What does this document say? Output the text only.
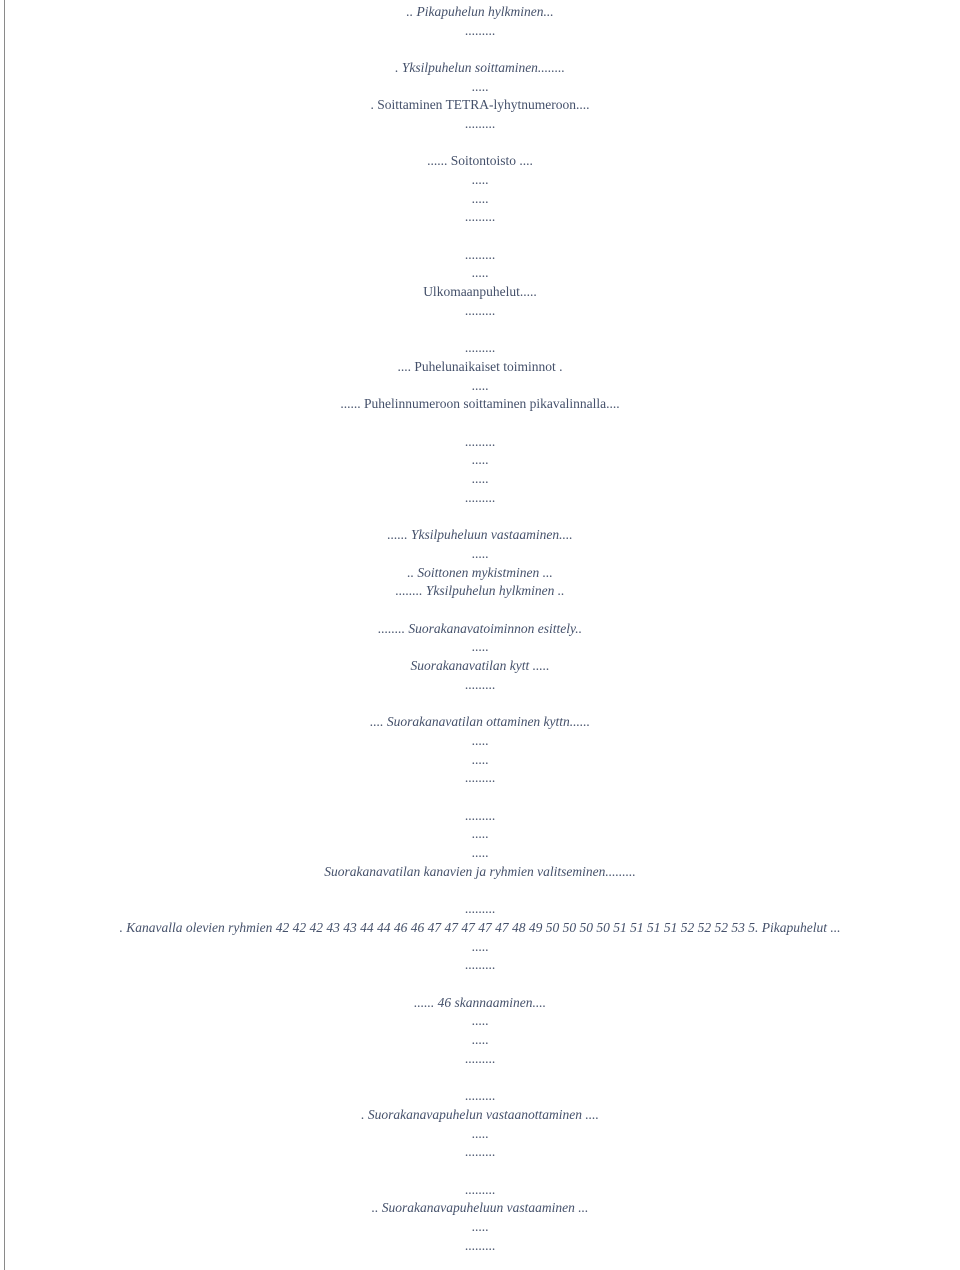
.. Pikapuhelun hylkminen...
.........
. Yksilpuhelun soittaminen........
.....
. Soittaminen TETRA-lyhytnumeroon....
.........
...... Soitontoisto ....
.....
.....
.........
.........
.....
Ulkomaanpuhelut.....
.........
.........
.... Puhelunaikaiset toiminnot .
.....
...... Puhelinnumeroon soittaminen pikavalinnalla....
.........
.....
.....
.........
...... Yksilpuheluun vastaaminen....
.....
.. Soittonen mykistminen ...
........ Yksilpuhelun hylkminen ..
........ Suorakanavatoiminnon esittely..
.....
Suorakanavatilan kytt .....
.........
.... Suorakanavatilan ottaminen kyttn......
.....
.....
.........
.........
.....
.....
Suorakanavatilan kanavien ja ryhmien valitseminen.........
.........
. Kanavalla olevien ryhmien 42 42 42 43 43 44 44 46 46 47 47 47 47 47 48 49 50 50 50 50 51 51 51 51 52 52 52 53 5. Pikapuhelut ...
.....
.........
...... 46 skannaaminen....
.....
.....
.........
.........
. Suorakanavapuhelun vastaanottaminen ....
.....
.........
.........
.. Suorakanavapuheluun vastaaminen ...
.....
.........
